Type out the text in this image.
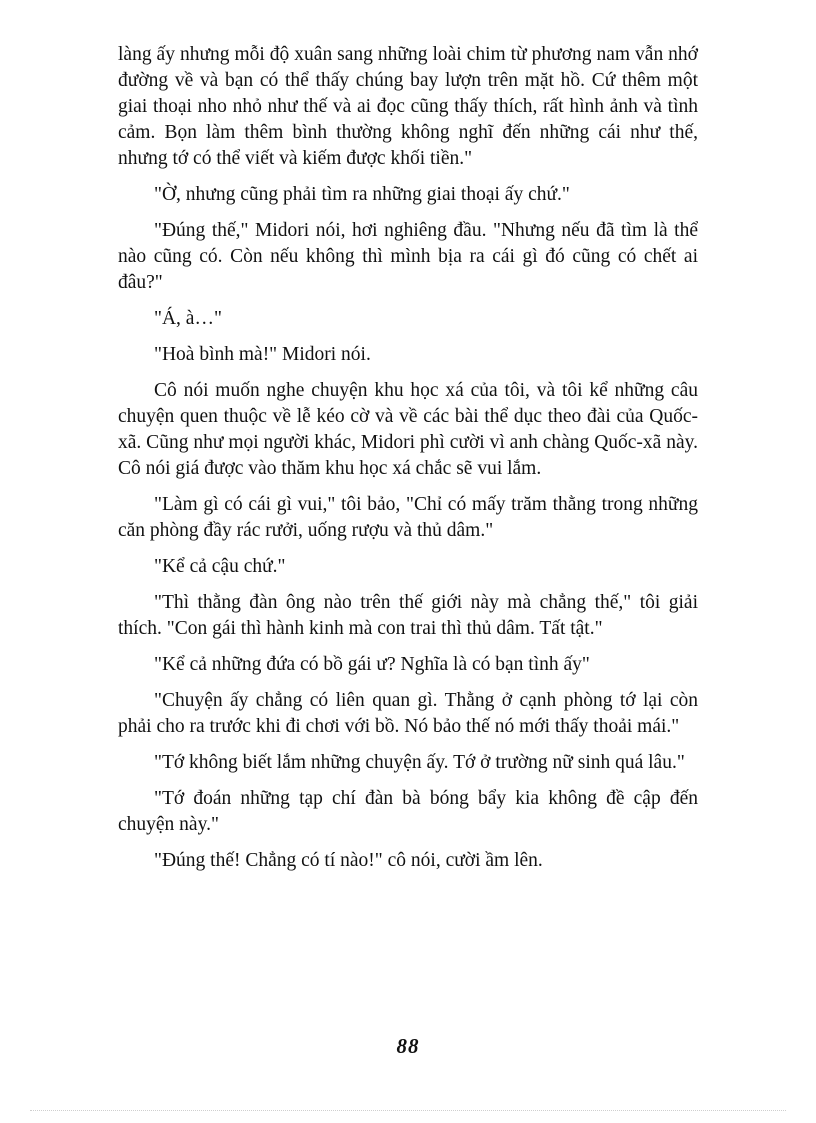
làng ấy nhưng mỗi độ xuân sang những loài chim từ phương nam vẫn nhớ đường về và bạn có thể thấy chúng bay lượn trên mặt hồ. Cứ thêm một giai thoại nho nhỏ như thế và ai đọc cũng thấy thích, rất hình ảnh và tình cảm. Bọn làm thêm bình thường không nghĩ đến những cái như thế, nhưng tớ có thể viết và kiếm được khối tiền."

"Ờ, nhưng cũng phải tìm ra những giai thoại ấy chứ."

"Đúng thế," Midori nói, hơi nghiêng đầu. "Nhưng nếu đã tìm là thể nào cũng có. Còn nếu không thì mình bịa ra cái gì đó cũng có chết ai đâu?"

"Á, à…"

"Hoà bình mà!" Midori nói.

Cô nói muốn nghe chuyện khu học xá của tôi, và tôi kể những câu chuyện quen thuộc về lễ kéo cờ và về các bài thể dục theo đài của Quốc-xã. Cũng như mọi người khác, Midori phì cười vì anh chàng Quốc-xã này. Cô nói giá được vào thăm khu học xá chắc sẽ vui lắm.

"Làm gì có cái gì vui," tôi bảo, "Chỉ có mấy trăm thằng trong những căn phòng đầy rác rưởi, uống rượu và thủ dâm."

"Kể cả cậu chứ."

"Thì thằng đàn ông nào trên thế giới này mà chẳng thế," tôi giải thích. "Con gái thì hành kinh mà con trai thì thủ dâm. Tất tật."

"Kể cả những đứa có bồ gái ư? Nghĩa là có bạn tình ấy"

"Chuyện ấy chẳng có liên quan gì. Thằng ở cạnh phòng tớ lại còn phải cho ra trước khi đi chơi với bồ. Nó bảo thế nó mới thấy thoải mái."

"Tớ không biết lắm những chuyện ấy. Tớ ở trường nữ sinh quá lâu."

"Tớ đoán những tạp chí đàn bà bóng bẩy kia không đề cập đến chuyện này."

"Đúng thế! Chẳng có tí nào!" cô nói, cười ầm lên.

88
